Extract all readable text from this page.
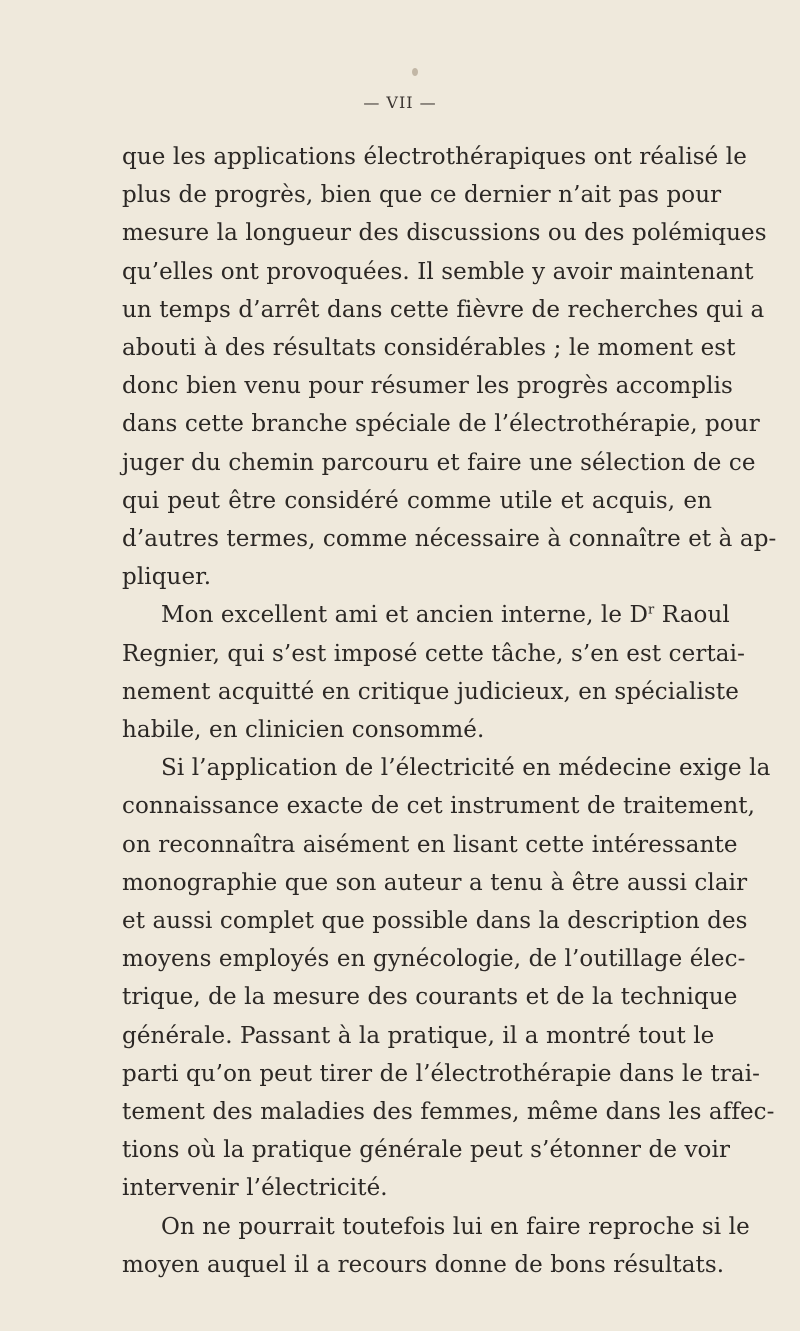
— VII —
que les applications électrothérapiques ont réalisé le
plus de progrès, bien que ce dernier n’ait pas pour
mesure la longueur des discussions ou des polémiques
qu’elles ont provoquées. Il semble y avoir maintenant
un temps d’arrêt dans cette fièvre de recherches qui a
abouti à des résultats considérables ; le moment est
donc bien venu pour résumer les progrès accomplis
dans cette branche spéciale de l’électrothérapie, pour
juger du chemin parcouru et faire une sélection de ce
qui peut être considéré comme utile et acquis, en
d’autres termes, comme nécessaire à connaître et à ap-
pliquer.
Mon excellent ami et ancien interne, le $D^r$ Raoul
Regnier, qui s’est imposé cette tâche, s’en est certai-
nement acquitté en critique judicieux, en spécialiste
habile, en clinicien consommé.
Si l’application de l’électricité en médecine exige la
connaissance exacte de cet instrument de traitement,
on reconnaîtra aisément en lisant cette intéressante
monographie que son auteur a tenu à être aussi clair
et aussi complet que possible dans la description des
moyens employés en gynécologie, de l’outillage élec-
trique, de la mesure des courants et de la technique
générale. Passant à la pratique, il a montré tout le
parti qu’on peut tirer de l’électrothérapie dans le trai-
tement des maladies des femmes, même dans les affec-
tions où la pratique générale peut s’étonner de voir
intervenir l’électricité.
On ne pourrait toutefois lui en faire reproche si le
moyen auquel il a recours donne de bons résultats.
